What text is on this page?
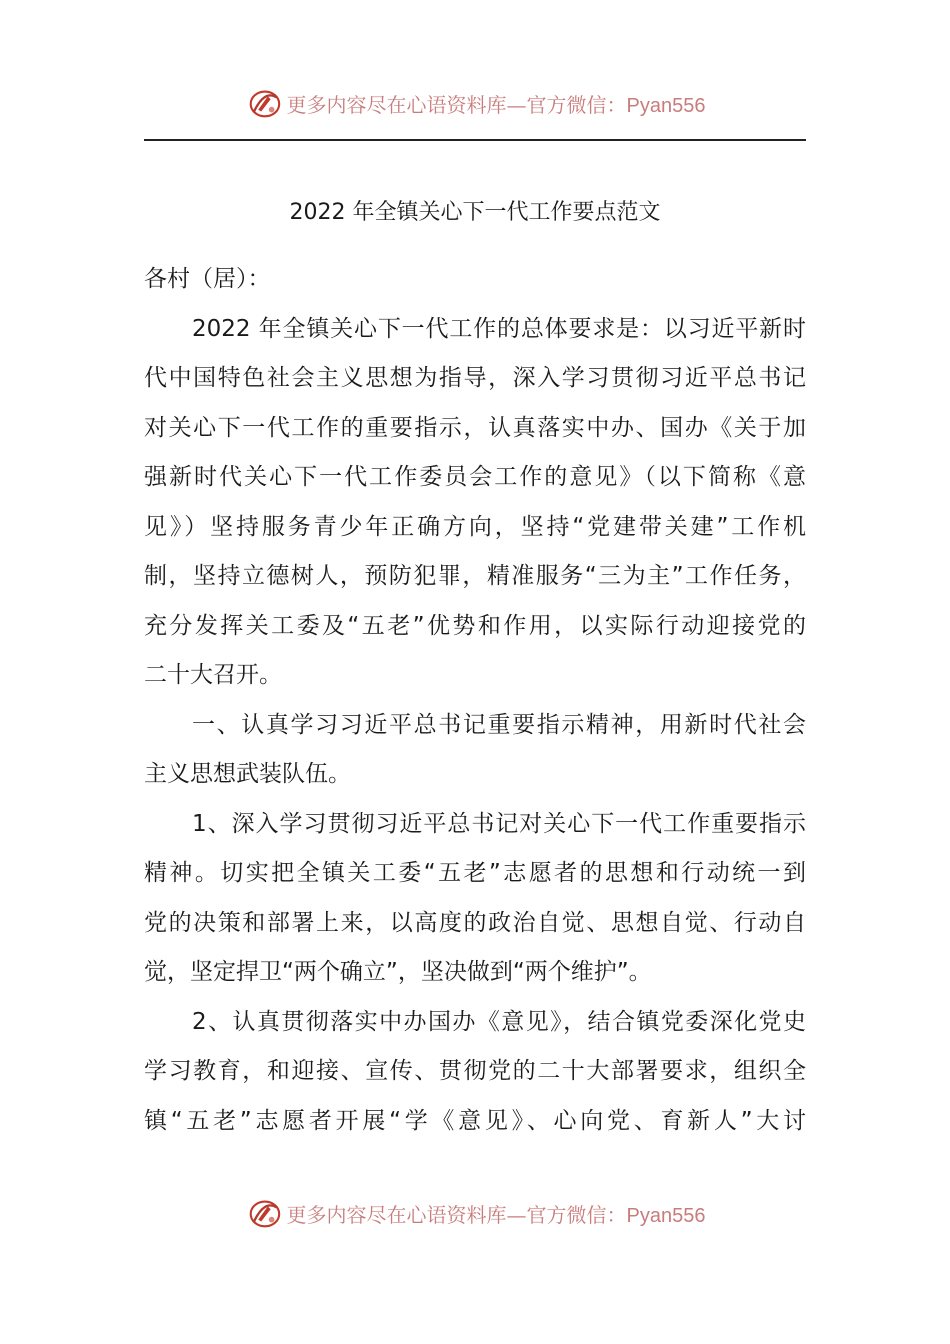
更多内容尽在心语资料库—官方微信：Pyan556
2022 年全镇关心下一代工作要点范文
各村（居）：
2022 年全镇关心下一代工作的总体要求是：以习近平新时
代中国特色社会主义思想为指导，深入学习贯彻习近平总书记
对关心下一代工作的重要指示，认真落实中办、国办《关于加
强新时代关心下一代工作委员会工作的意见》（以下简称《意
见》）坚持服务青少年正确方向，坚持“党建带关建”工作机
制，坚持立德树人，预防犯罪，精准服务“三为主”工作任务，
充分发挥关工委及“五老”优势和作用，以实际行动迎接党的
二十大召开。
一、认真学习习近平总书记重要指示精神，用新时代社会
主义思想武装队伍。
1、深入学习贯彻习近平总书记对关心下一代工作重要指示
精神。切实把全镇关工委“五老”志愿者的思想和行动统一到
党的决策和部署上来，以高度的政治自觉、思想自觉、行动自
觉，坚定捍卫“两个确立”，坚决做到“两个维护”。
2、认真贯彻落实中办国办《意见》，结合镇党委深化党史
学习教育，和迎接、宣传、贯彻党的二十大部署要求，组织全
镇“五老”志愿者开展“学《意见》、心向党、育新人”大讨
更多内容尽在心语资料库—官方微信：Pyan556
